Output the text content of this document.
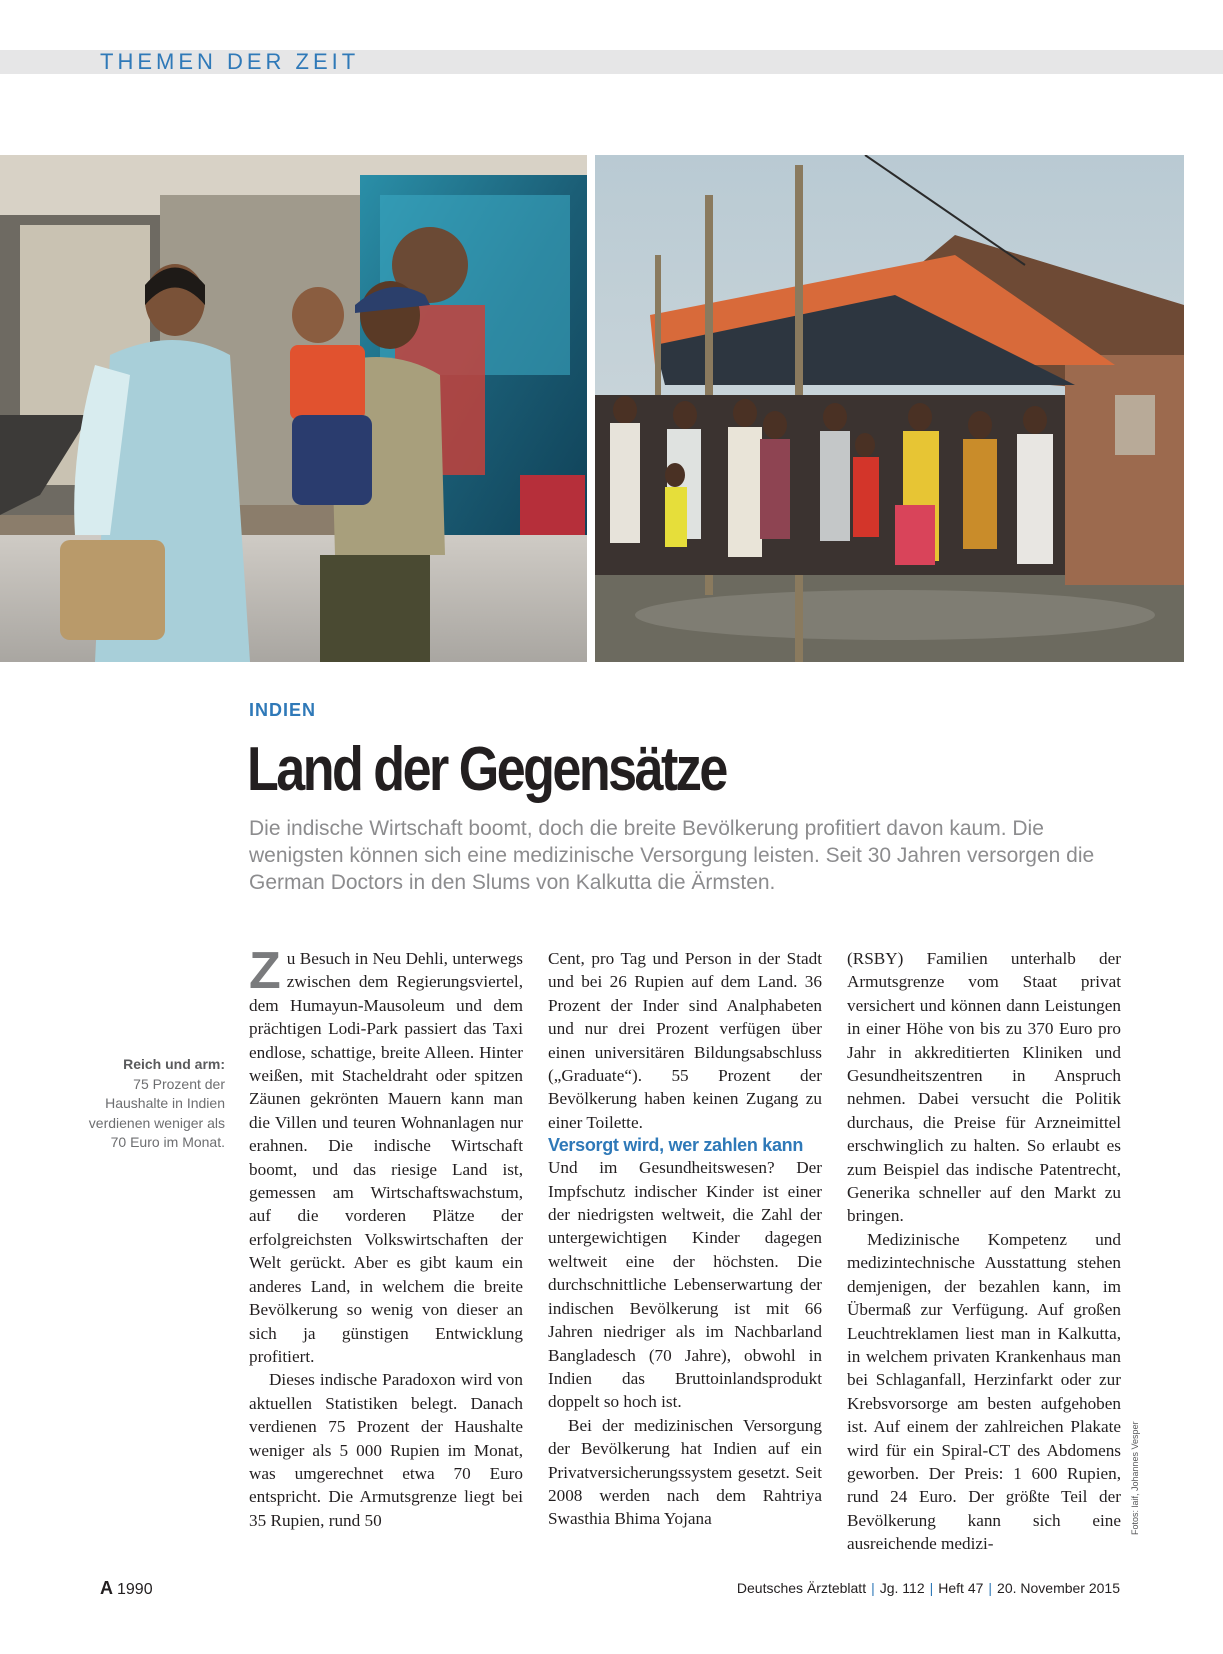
THEMEN DER ZEIT
INDIEN
Land der Gegensätze
Die indische Wirtschaft boomt, doch die breite Bevölkerung profitiert davon kaum. Die wenigsten können sich eine medizinische Versorgung leisten. Seit 30 Jahren versorgen die German Doctors in den Slums von Kalkutta die Ärmsten.
Reich und arm:
75 Prozent der Haushalte in Indien verdienen weniger als 70 Euro im Monat.

Zu Besuch in Neu Dehli, unterwegs zwischen dem Regierungsviertel, dem Humayun-Mausoleum und dem prächtigen Lodi-Park passiert das Taxi endlose, schattige, breite Alleen. Hinter weißen, mit Stacheldraht oder spitzen Zäunen gekrönten Mauern kann man die Villen und teuren Wohnanlagen nur erahnen. Die indische Wirtschaft boomt, und das riesige Land ist, gemessen am Wirtschaftswachstum, auf die vorderen Plätze der erfolgreichsten Volkswirtschaften der Welt gerückt. Aber es gibt kaum ein anderes Land, in welchem die breite Bevölkerung so wenig von dieser an sich ja günstigen Entwicklung profitiert.

Dieses indische Paradoxon wird von aktuellen Statistiken belegt. Danach verdienen 75 Prozent der Haushalte weniger als 5 000 Rupien im Monat, was umgerechnet etwa 70 Euro entspricht. Die Armutsgrenze liegt bei 35 Rupien, rund 50

Cent, pro Tag und Person in der Stadt und bei 26 Rupien auf dem Land. 36 Prozent der Inder sind Analphabeten und nur drei Prozent verfügen über einen universitären Bildungsabschluss („Graduate“). 55 Prozent der Bevölkerung haben keinen Zugang zu einer Toilette.

Versorgt wird, wer zahlen kann

Und im Gesundheitswesen? Der Impfschutz indischer Kinder ist einer der niedrigsten weltweit, die Zahl der untergewichtigen Kinder dagegen weltweit eine der höchsten. Die durchschnittliche Lebenserwartung der indischen Bevölkerung ist mit 66 Jahren niedriger als im Nachbarland Bangladesch (70 Jahre), obwohl in Indien das Bruttoinlandsprodukt doppelt so hoch ist.

Bei der medizinischen Versorgung der Bevölkerung hat Indien auf ein Privatversicherungssystem gesetzt. Seit 2008 werden nach dem Rahtriya Swasthia Bhima Yojana

(RSBY) Familien unterhalb der Armutsgrenze vom Staat privat versichert und können dann Leistungen in einer Höhe von bis zu 370 Euro pro Jahr in akkreditierten Kliniken und Gesundheitszentren in Anspruch nehmen. Dabei versucht die Politik durchaus, die Preise für Arzneimittel erschwinglich zu halten. So erlaubt es zum Beispiel das indische Patentrecht, Generika schneller auf den Markt zu bringen.

Medizinische Kompetenz und medizintechnische Ausstattung stehen demjenigen, der bezahlen kann, im Übermaß zur Verfügung. Auf großen Leuchtreklamen liest man in Kalkutta, in welchem privaten Krankenhaus man bei Schlaganfall, Herzinfarkt oder zur Krebsvorsorge am besten aufgehoben ist. Auf einem der zahlreichen Plakate wird für ein Spiral-CT des Abdomens geworben. Der Preis: 1 600 Rupien, rund 24 Euro. Der größte Teil der Bevölkerung kann sich eine ausreichende medizi-

Fotos: laif, Johannes Vesper
A 1990	Deutsches Ärzteblatt | Jg. 112 | Heft 47 | 20. November 2015
